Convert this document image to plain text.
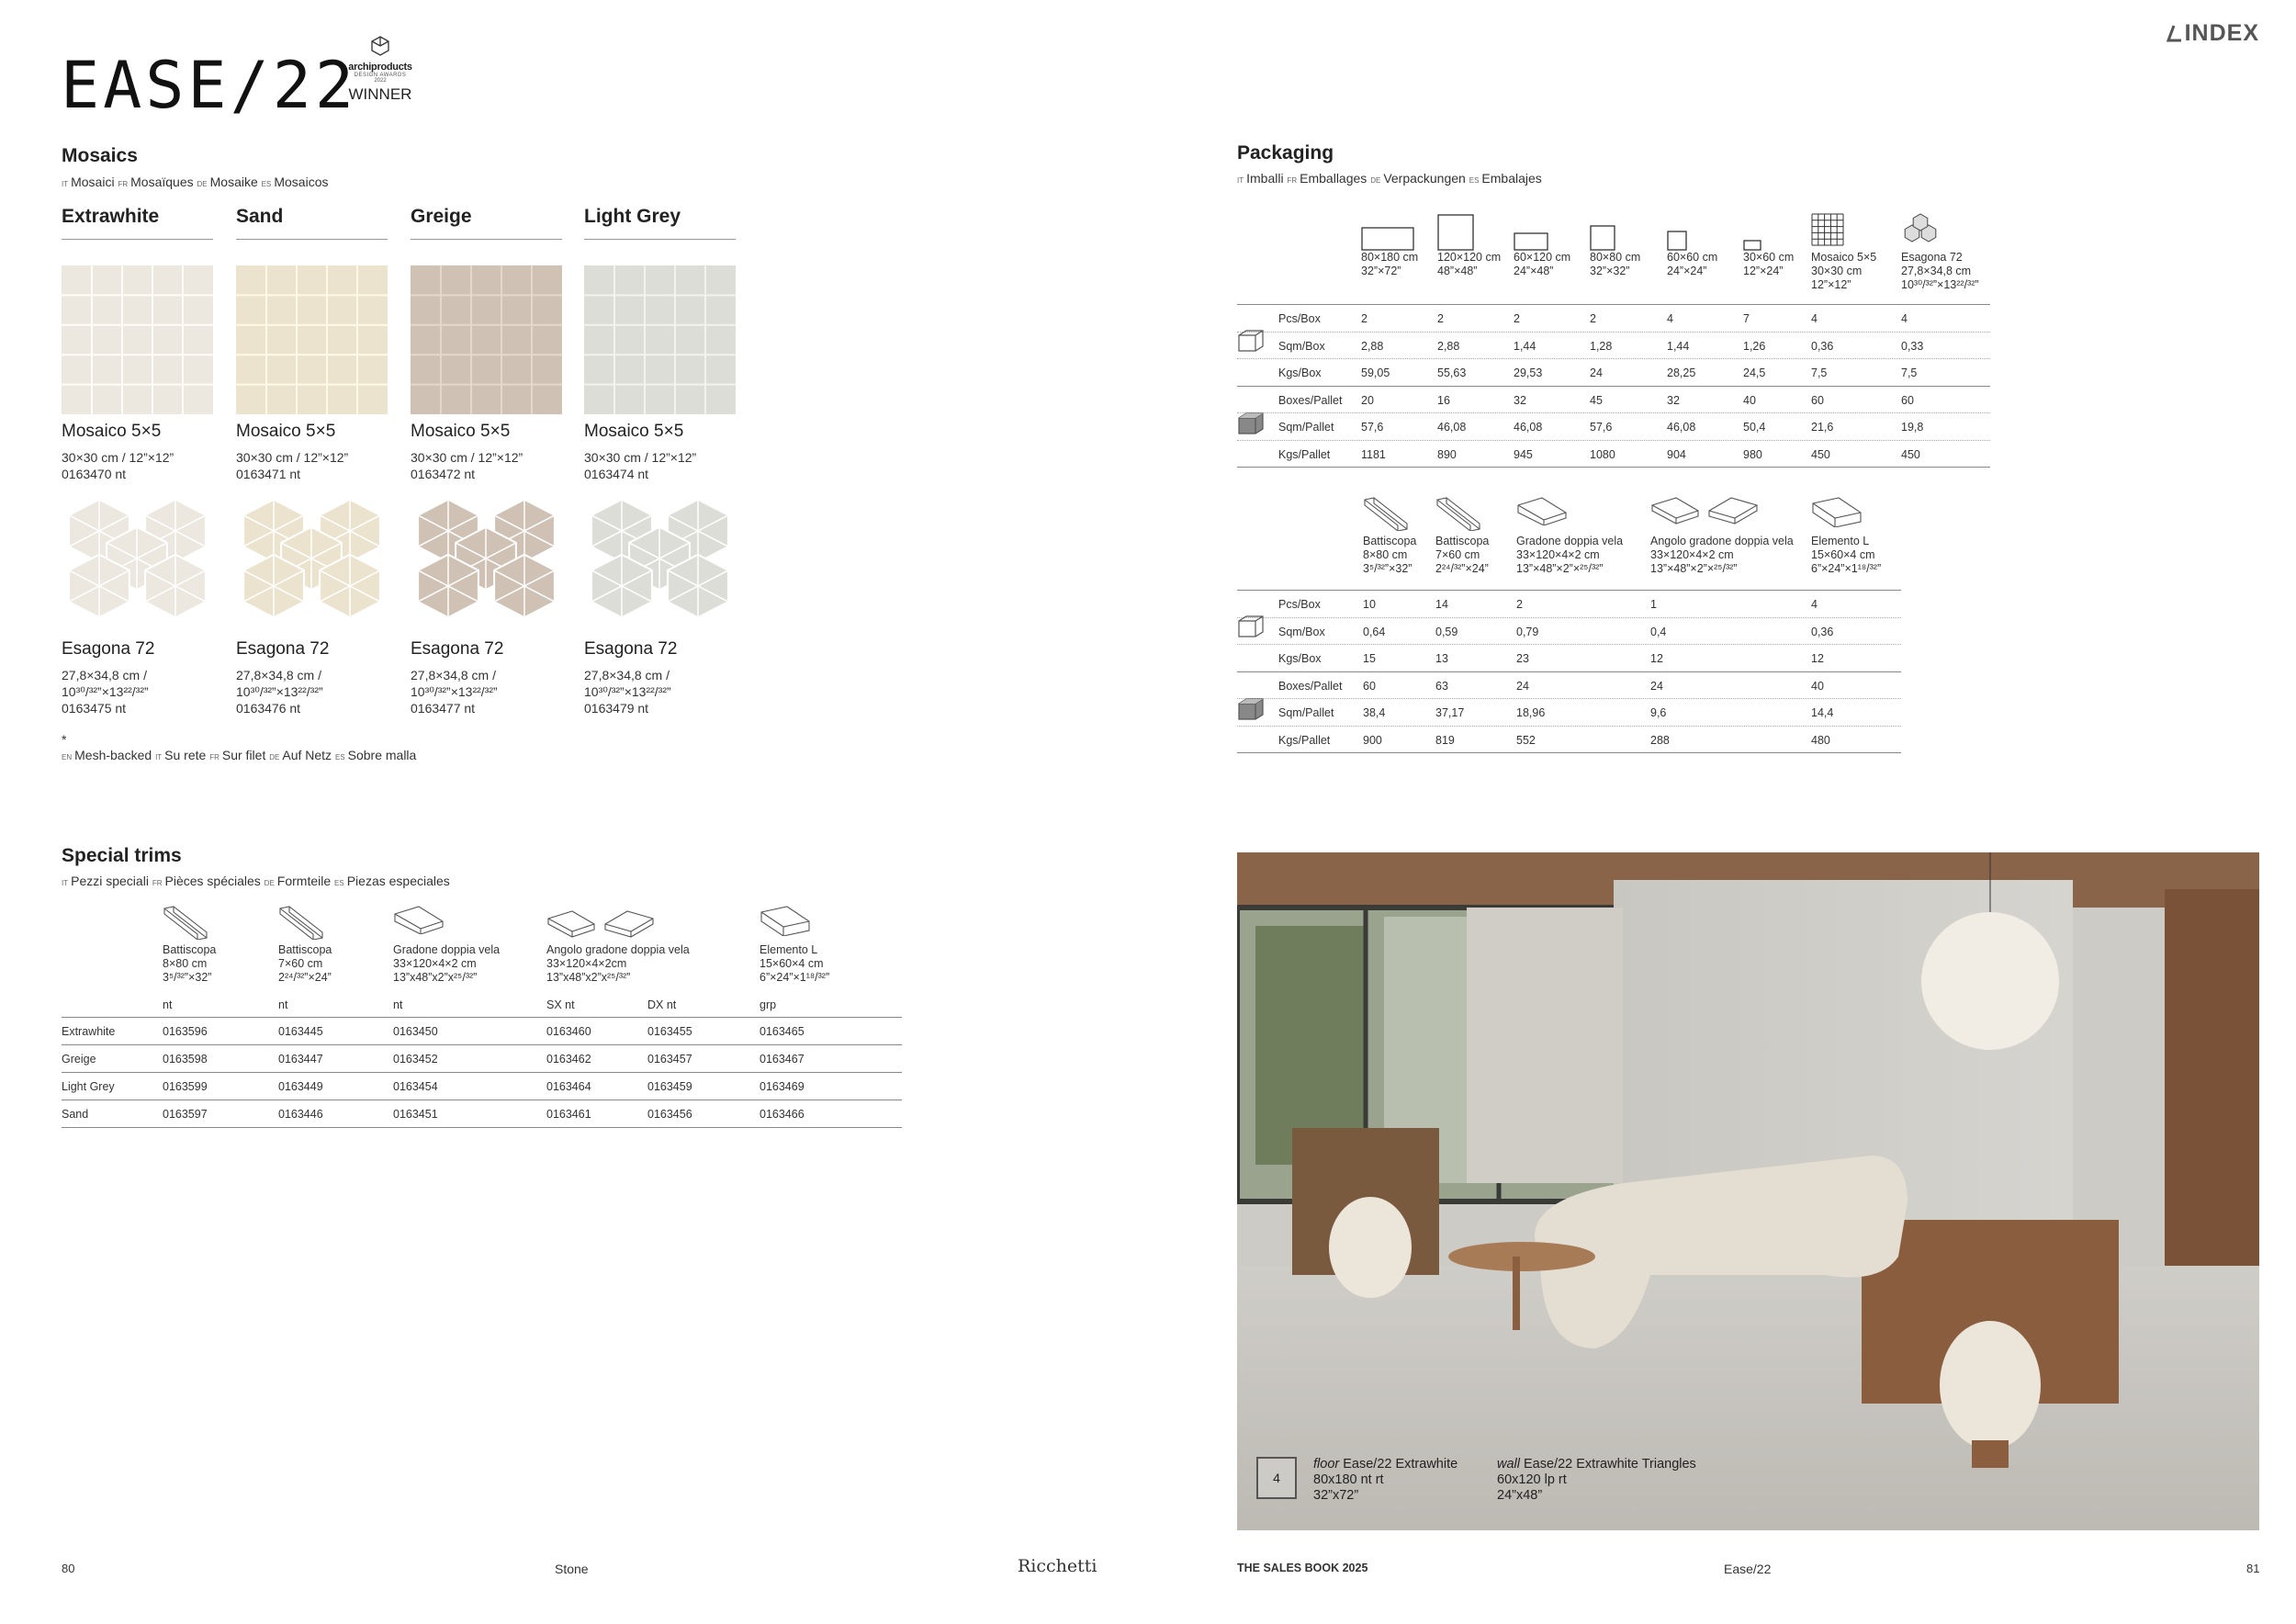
EASE/22
archiproducts
DESIGN AWARDS
2022
WINNER
INDEX
Mosaics
IT Mosaici FR Mosaïques DE Mosaike ES Mosaicos
Extrawhite
Mosaico 5×5
30×30 cm / 12”×12”
0163470 nt
Esagona 72
27,8×34,8 cm /
10³⁰/³²”×13²²/³²”
0163475 nt
Sand
Mosaico 5×5
30×30 cm / 12”×12”
0163471 nt
Esagona 72
27,8×34,8 cm /
10³⁰/³²”×13²²/³²”
0163476 nt
Greige
Mosaico 5×5
30×30 cm / 12”×12”
0163472 nt
Esagona 72
27,8×34,8 cm /
10³⁰/³²”×13²²/³²”
0163477 nt
Light Grey
Mosaico 5×5
30×30 cm / 12”×12”
0163474 nt
Esagona 72
27,8×34,8 cm /
10³⁰/³²”×13²²/³²”
0163479 nt
*
EN Mesh-backed IT Su rete FR Sur filet DE Auf Netz ES Sobre malla
Special trims
IT Pezzi speciali FR Pièces spéciales DE Formteile ES Piezas especiales
Battiscopa
8×80 cm
3⁵/³²”×32”
Battiscopa
7×60 cm
2²⁴/³²”×24”
Gradone doppia vela
33×120×4×2 cm
13”x48”x2”x²⁵/³²”
Angolo gradone doppia vela
33×120×4×2cm
13”x48”x2”x²⁵/³²”
Elemento L
15×60×4 cm
6”×24”×1¹⁸/³²”
nt	nt	nt	SX nt	DX nt	grp
Extrawhite	0163596	0163445	0163450	0163460	0163455	0163465
Greige	0163598	0163447	0163452	0163462	0163457	0163467
Light Grey	0163599	0163449	0163454	0163464	0163459	0163469
Sand	0163597	0163446	0163451	0163461	0163456	0163466
Packaging
IT Imballi FR Emballages DE Verpackungen ES Embalajes
80×180 cm
32”×72”
120×120 cm
48”×48”
60×120 cm
24”×48”
80×80 cm
32”×32”
60×60 cm
24”×24”
30×60 cm
12”×24”
Mosaico 5×5
30×30 cm
12”×12”
Esagona 72
27,8×34,8 cm
10³⁰/³²”×13²²/³²”
Pcs/Box	2	2	2	2	4	7	4	4
Sqm/Box	2,88	2,88	1,44	1,28	1,44	1,26	0,36	0,33
Kgs/Box	59,05	55,63	29,53	24	28,25	24,5	7,5	7,5
Boxes/Pallet 20	16	32	45	32	40	60	60
Sqm/Pallet 57,6	46,08	46,08	57,6	46,08	50,4	21,6	19,8
Kgs/Pallet	1181	890	945	1080	904	980	450	450
Battiscopa
8×80 cm
3⁵/³²”×32”
Battiscopa
7×60 cm
2²⁴/³²”×24”
Gradone doppia vela
33×120×4×2 cm
13”×48”×2”×²⁵/³²”
Angolo gradone doppia vela
33×120×4×2 cm
13”×48”×2”×²⁵/³²”
Elemento L
15×60×4 cm
6”×24”×1¹⁸/³²”
Pcs/Box	10	14	2	1	4
Sqm/Box	0,64	0,59	0,79	0,4	0,36
Kgs/Box	15	13	23	12	12
Boxes/Pallet 60	63	24	24	40
Sqm/Pallet	38,4	37,17	18,96	9,6	14,4
Kgs/Pallet	900	819	552	288	480
4
floor Ease/22 Extrawhite
80x180 nt rt
32”x72”
wall Ease/22 Extrawhite Triangles
60x120 lp rt
24”x48”
80	Stone	Ricchetti	THE SALES BOOK 2025	Ease/22	81
